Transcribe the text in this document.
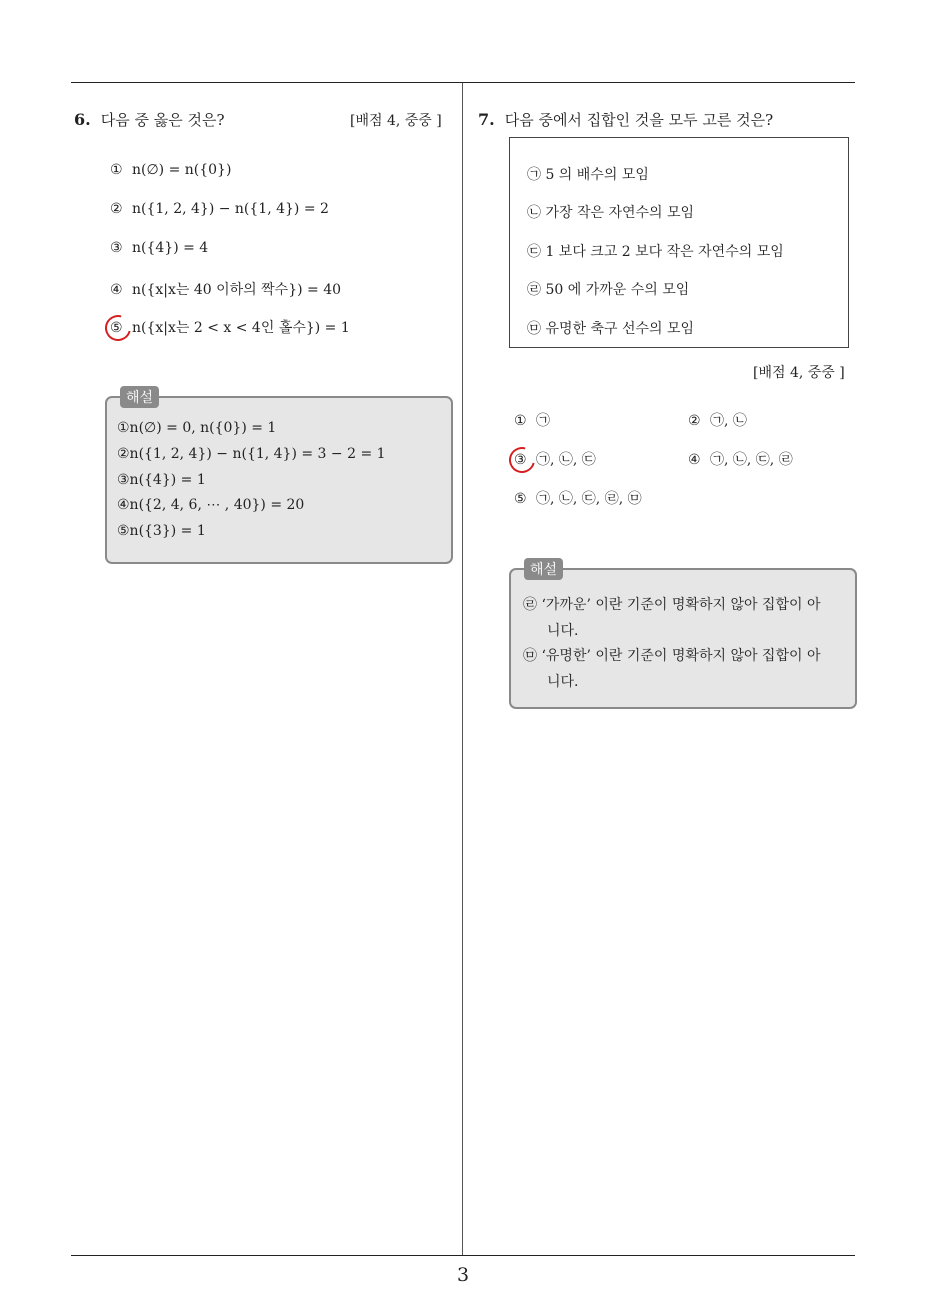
6. 다음 중 옳은 것은?	[배점 4, 중중 ]
① n(∅) = n({0})
② n({1, 2, 4}) − n({1, 4}) = 2
③ n({4}) = 4
④ n({x|x는 40 이하의 짝수}) = 40
⑤ n({x|x는 2 < x < 4인 홀수}) = 1
해설
①n(∅) = 0, n({0}) = 1
②n({1, 2, 4}) − n({1, 4}) = 3 − 2 = 1
③n({4}) = 1
④n({2, 4, 6, ⋯ , 40}) = 20
⑤n({3}) = 1
7. 다음 중에서 집합인 것을 모두 고른 것은?
㉠ 5 의 배수의 모임
㉡ 가장 작은 자연수의 모임
㉢ 1 보다 크고 2 보다 작은 자연수의 모임
㉣ 50 에 가까운 수의 모임
㉤ 유명한 축구 선수의 모임
[배점 4, 중중 ]
① ㉠	② ㉠, ㉡
③ ㉠, ㉡, ㉢	④ ㉠, ㉡, ㉢, ㉣
⑤ ㉠, ㉡, ㉢, ㉣, ㉤
해설
㉣ ‘가까운’ 이란 기준이 명확하지 않아 집합이 아
니다.
㉤ ‘유명한’ 이란 기준이 명확하지 않아 집합이 아
니다.
3
